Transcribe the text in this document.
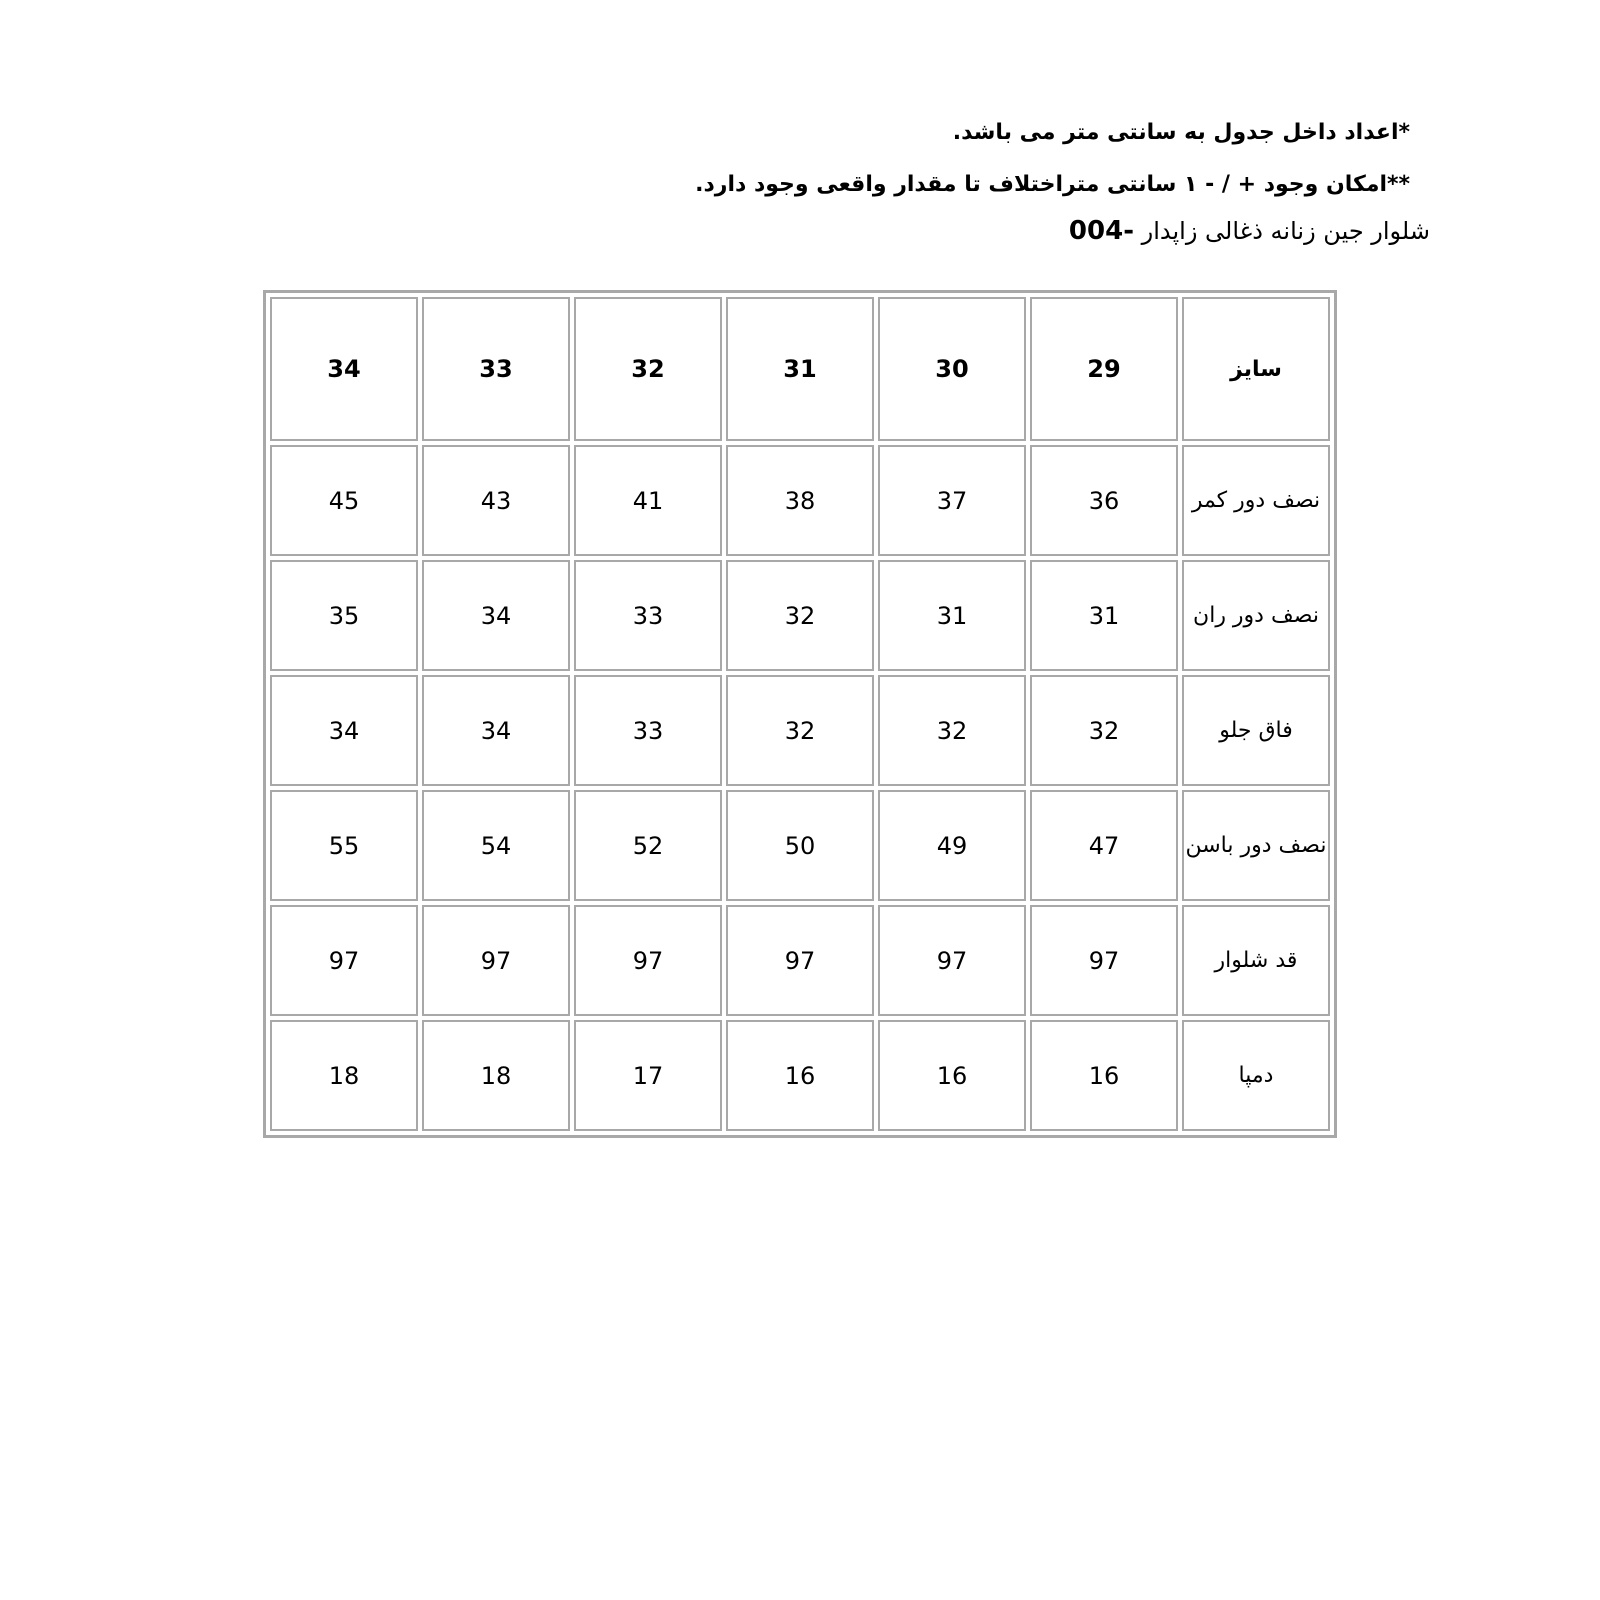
*اعداد داخل جدول به سانتی متر می باشد.
**امکان وجود + / - ۱ سانتی متراختلاف تا مقدار واقعی وجود دارد.
شلوار جین زنانه ذغالی زاپدار -004
34	33	32	31	30	29	سایز
45	43	41	38	37	36	نصف دور کمر
35	34	33	32	31	31	نصف دور ران
34	34	33	32	32	32	فاق جلو
55	54	52	50	49	47	نصف دور باسن
97	97	97	97	97	97	قد شلوار
18	18	17	16	16	16	دمپا
